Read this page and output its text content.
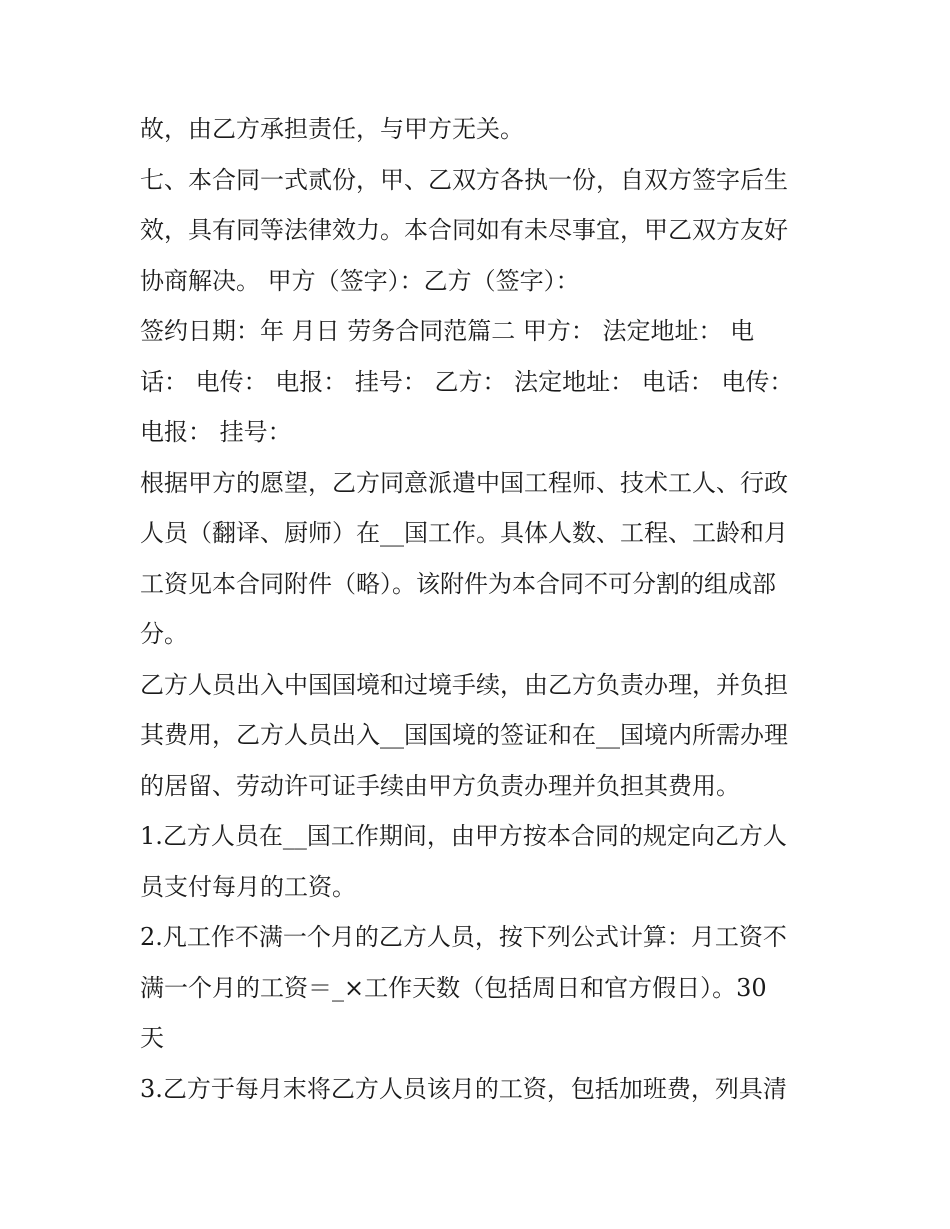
故，由乙方承担责任，与甲方无关。

七、本合同一式贰份，甲、乙双方各执一份，自双方签字后生

效，具有同等法律效力。本合同如有未尽事宜，甲乙双方友好

协商解决。 甲方（签字）：乙方（签字）：

签约日期：年 月日 劳务合同范篇二 甲方： 法定地址： 电

话： 电传： 电报： 挂号： 乙方： 法定地址： 电话： 电传：

电报： 挂号：

根据甲方的愿望，乙方同意派遣中国工程师、技术工人、行政

人员（翻译、厨师）在__国工作。具体人数、工程、工龄和月

工资见本合同附件（略）。该附件为本合同不可分割的组成部

分。

乙方人员出入中国国境和过境手续，由乙方负责办理，并负担

其费用，乙方人员出入__国国境的签证和在__国境内所需办理

的居留、劳动许可证手续由甲方负责办理并负担其费用。

1.乙方人员在__国工作期间，由甲方按本合同的规定向乙方人

员支付每月的工资。

2.凡工作不满一个月的乙方人员，按下列公式计算：月工资不

满一个月的工资＝_×工作天数（包括周日和官方假日）。30

天

3.乙方于每月末将乙方人员该月的工资，包括加班费，列具清
